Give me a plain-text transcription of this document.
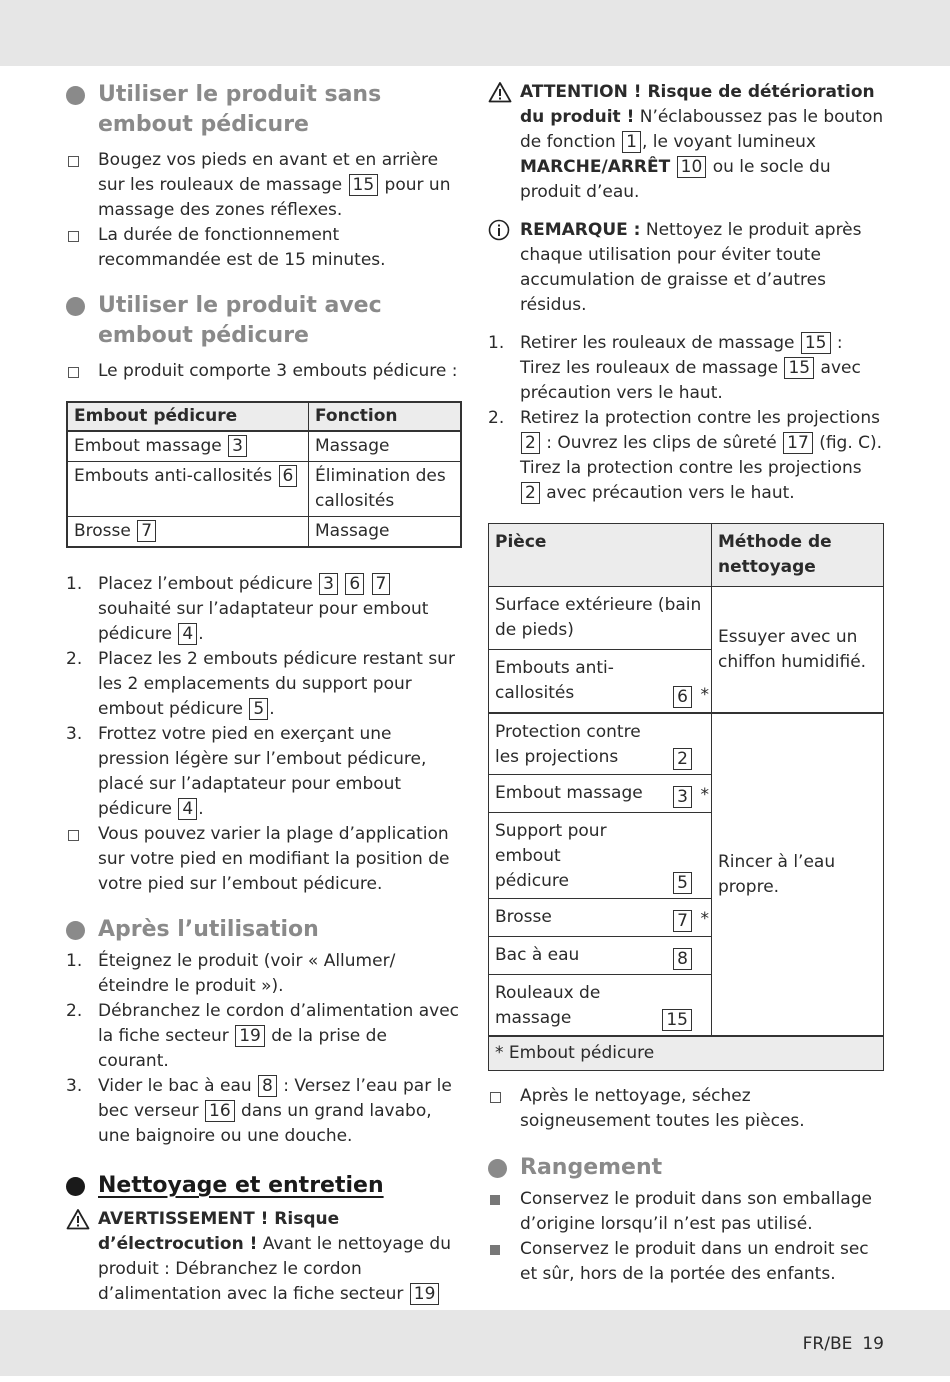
Utiliser le produit sans embout pédicure
Bougez vos pieds en avant et en arrière sur les rouleaux de massage 15 pour un massage des zones réflexes.
La durée de fonctionnement recommandée est de 15 minutes.
Utiliser le produit avec embout pédicure
Le produit comporte 3 embouts pédicure :
Embout pédicure	Fonction
Embout massage 3	Massage
Embouts anti-callosités 6	Élimination des callosités
Brosse 7	Massage
1. Placez l’embout pédicure 3 6 7 souhaité sur l’adaptateur pour embout pédicure 4 .
2. Placez les 2 embouts pédicure restant sur les 2 emplacements du support pour embout pédicure 5 .
3. Frottez votre pied en exerçant une pression légère sur l’embout pédicure, placé sur l’adaptateur pour embout pédicure 4 .
Vous pouvez varier la plage d’application sur votre pied en modifiant la position de votre pied sur l’embout pédicure.
Après l’utilisation
1. Éteignez le produit (voir « Allumer/éteindre le produit »).
2. Débranchez le cordon d’alimentation avec la fiche secteur 19 de la prise de courant.
3. Vider le bac à eau 8 : Versez l’eau par le bec verseur 16 dans un grand lavabo, une baignoire ou une douche.
Nettoyage et entretien
AVERTISSEMENT ! Risque d’électrocution ! Avant le nettoyage du produit : Débranchez le cordon d’alimentation avec la fiche secteur 19
ATTENTION ! Risque de détérioration du produit ! N’éclaboussez pas le bouton de fonction 1 , le voyant lumineux MARCHE/ARRÊT 10 ou le socle du produit d’eau.
REMARQUE : Nettoyez le produit après chaque utilisation pour éviter toute accumulation de graisse et d’autres résidus.
1. Retirer les rouleaux de massage 15 : Tirez les rouleaux de massage 15 avec précaution vers le haut.
2. Retirez la protection contre les projections 2 : Ouvrez les clips de sûreté 17 (fig. C). Tirez la protection contre les projections 2 avec précaution vers le haut.
Pièce	Méthode de nettoyage
Surface extérieure (bain de pieds)	Essuyer avec un chiffon humidifié.
Embouts anti-callosités 6 *	

Protection contre les projections 2	Rincer à l’eau propre.
Embout massage 3 *	

Support pour embout pédicure 5	

Brosse 7 *	

Bac à eau 8	

Rouleaux de massage 15	

* Embout pédicure	
Après le nettoyage, séchez soigneusement toutes les pièces.
Rangement
Conservez le produit dans son emballage d’origine lorsqu’il n’est pas utilisé.
Conservez le produit dans un endroit sec et sûr, hors de la portée des enfants.
FR/BE 19
